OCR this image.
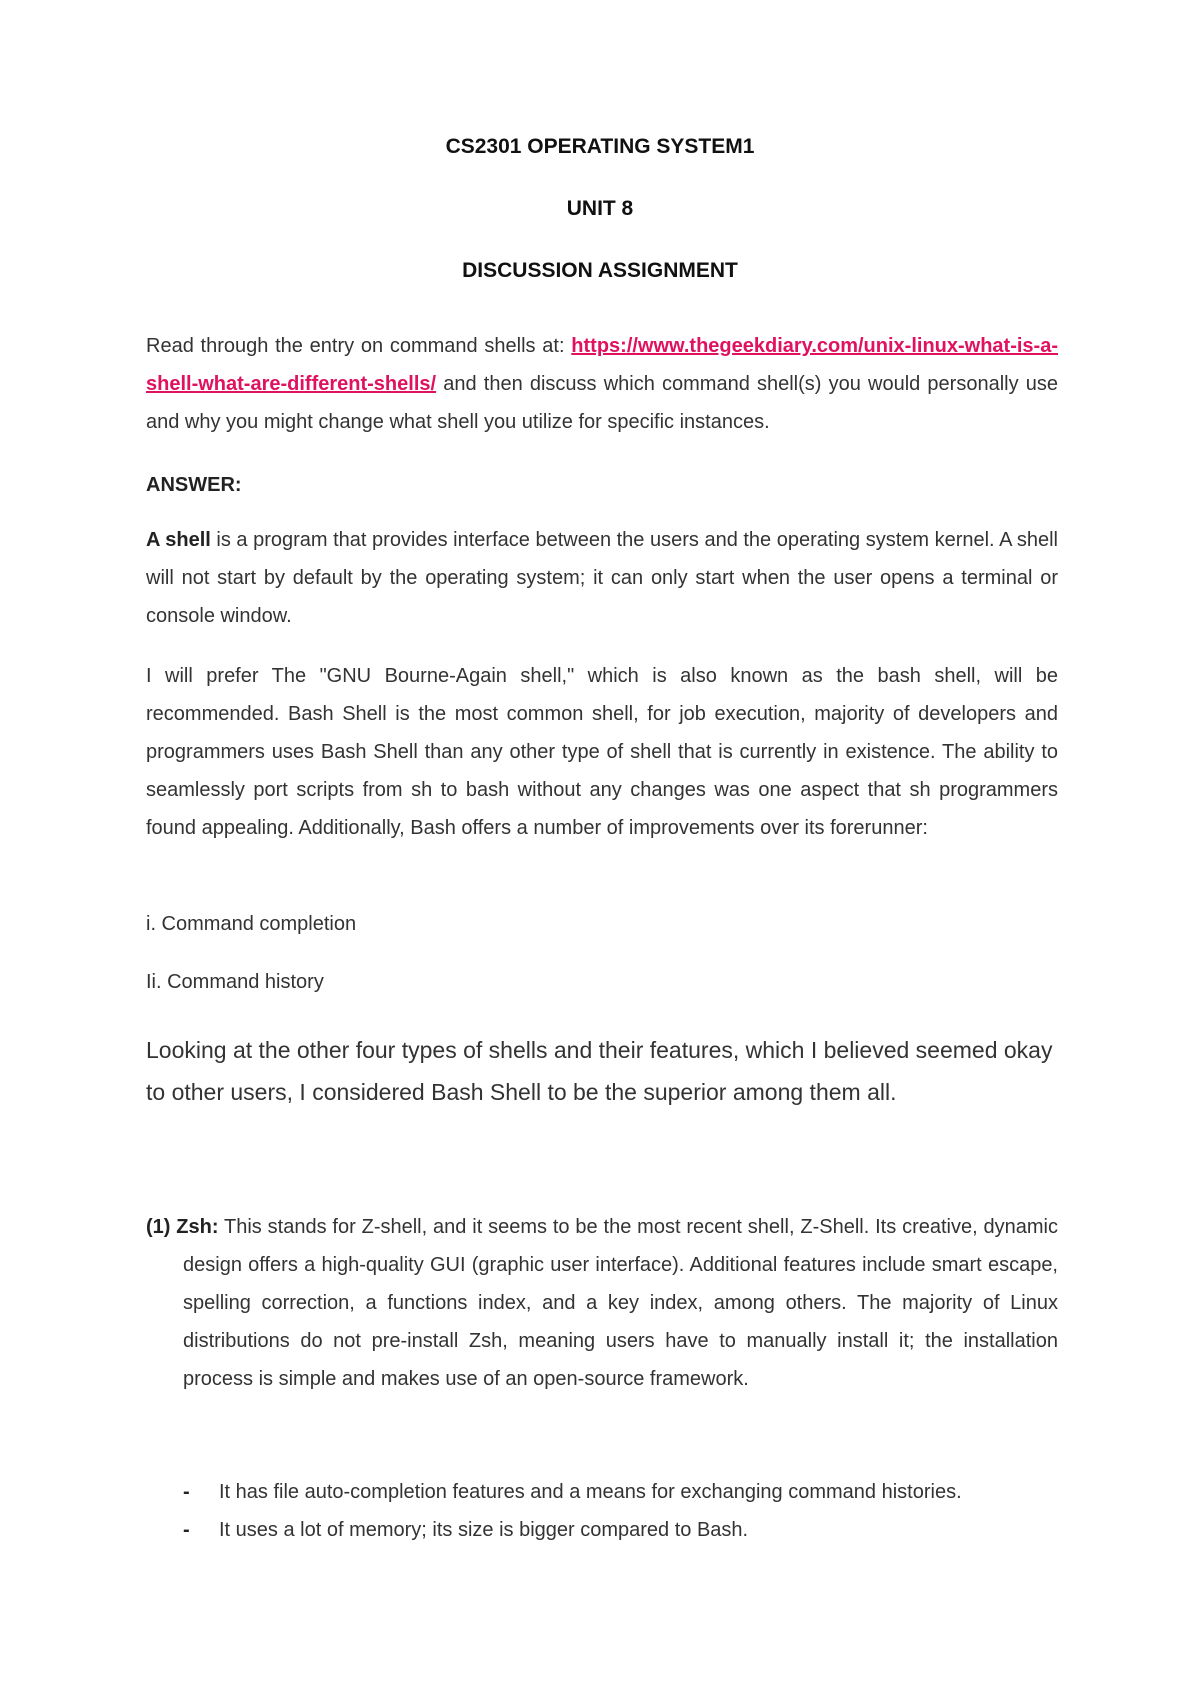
CS2301 OPERATING SYSTEM1
UNIT 8
DISCUSSION ASSIGNMENT
Read through the entry on command shells at: https://www.thegeekdiary.com/unix-linux-what-is-a-shell-what-are-different-shells/ and then discuss which command shell(s) you would personally use and why you might change what shell you utilize for specific instances.
ANSWER:
A shell is a program that provides interface between the users and the operating system kernel. A shell will not start by default by the operating system; it can only start when the user opens a terminal or console window.
I will prefer The "GNU Bourne-Again shell," which is also known as the bash shell, will be recommended. Bash Shell is the most common shell, for job execution, majority of developers and programmers uses Bash Shell than any other type of shell that is currently in existence. The ability to seamlessly port scripts from sh to bash without any changes was one aspect that sh programmers found appealing. Additionally, Bash offers a number of improvements over its forerunner:
i. Command completion
Ii. Command history
Looking at the other four types of shells and their features, which I believed seemed okay to other users, I considered Bash Shell to be the superior among them all.
(1) Zsh: This stands for Z-shell, and it seems to be the most recent shell, Z-Shell. Its creative, dynamic design offers a high-quality GUI (graphic user interface). Additional features include smart escape, spelling correction, a functions index, and a key index, among others. The majority of Linux distributions do not pre-install Zsh, meaning users have to manually install it; the installation process is simple and makes use of an open-source framework.
- It has file auto-completion features and a means for exchanging command histories.
- It uses a lot of memory; its size is bigger compared to Bash.
